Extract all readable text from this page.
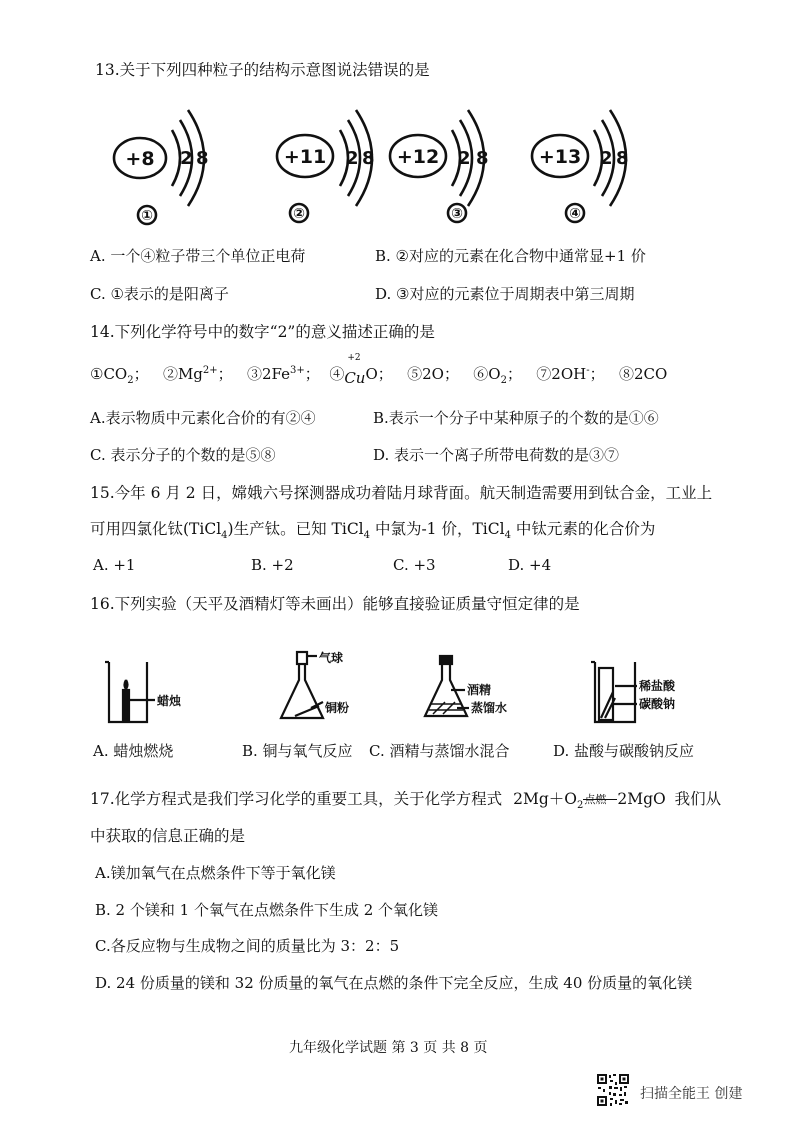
13.关于下列四种粒子的结构示意图说法错误的是
+8 2 8
①
+11 2 8
②
+12 2 8
③
+13 2 8
④
A. 一个④粒子带三个单位正电荷	B. ②对应的元素在化合物中通常显+1 价
C. ①表示的是阳离子	D. ③对应的元素位于周期表中第三周期
14.下列化学符号中的数字“2”的意义描述正确的是
$①CO_2$； $②Mg^{2+}$； $③2Fe^{3+}$； ④
+2
CuO； ⑤2O； $⑥O_2$； ⑦2OH-； ⑧2CO
A.表示物质中元素化合价的有②④	B.表示一个分子中某种原子的个数的是①⑥
C. 表示分子的个数的是⑤⑧	D. 表示一个离子所带电荷数的是③⑦
15.今年 6 月 2 日，嫦娥六号探测器成功着陆月球背面。航天制造需要用到钛合金，工业上
可用四氯化钛(TiCl$_4$)生产钛。已知 TiCl$_4$ 中氯为-1 价，TiCl$_4$ 中钛元素的化合价为
A. +1	B. +2	C. +3	D. +4
16.下列实验（天平及酒精灯等未画出）能够直接验证质量守恒定律的是
蜡烛
气球
铜粉
酒精
蒸馏水
稀盐酸
碳酸钠
A. 蜡烛燃烧	B. 铜与氧气反应 C. 酒精与蒸馏水混合	D. 盐酸与碳酸钠反应
17.化学方程式是我们学习化学的重要工具，关于化学方程式 $2Mg+O_2$ 点燃 2MgO 我们从
中获取的信息正确的是
A.镁加氧气在点燃条件下等于氧化镁
B. 2 个镁和 1 个氧气在点燃条件下生成 2 个氧化镁
C.各反应物与生成物之间的质量比为 3：2：5
D. 24 份质量的镁和 32 份质量的氧气在点燃的条件下完全反应，生成 40 份质量的氧化镁
九年级化学试题 第 3 页 共 8 页
扫描全能王 创建
